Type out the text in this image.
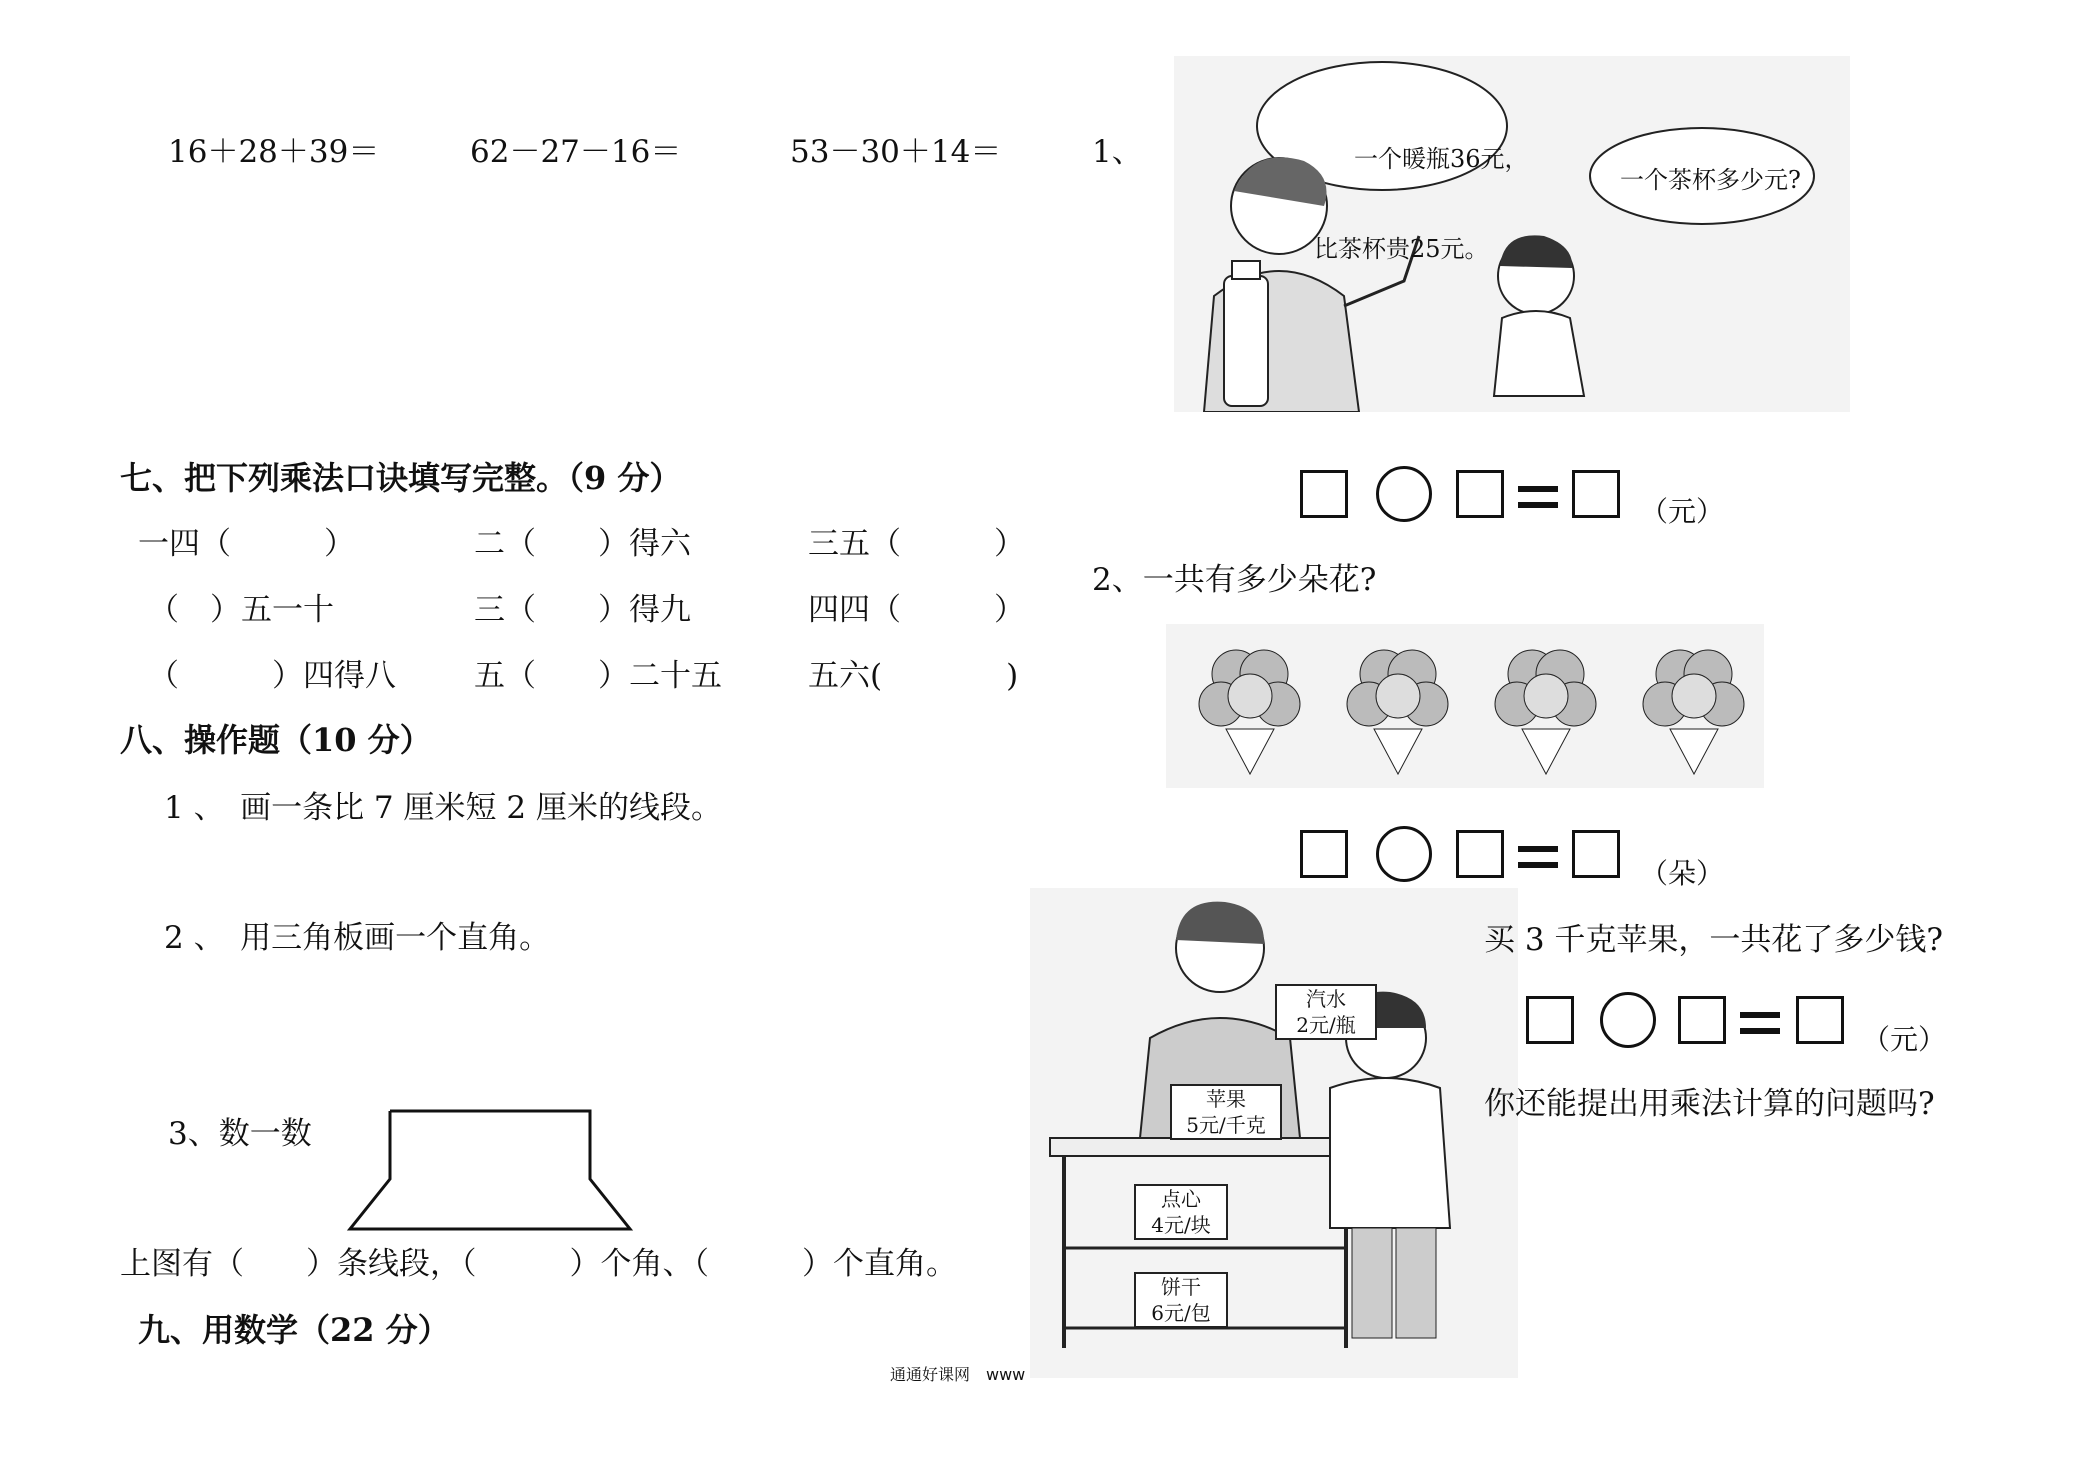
16＋28＋39＝	62－27－16＝	53－30＋14＝
七、把下列乘法口诀填写完整。（9 分）
一四（　　　）	二（　　）得六	三五（　　　）
（　）五一十	三（　　）得九	四四（　　　）
（　　　）四得八	五（　　）二十五	五六(　　　　)
八、操作题（10 分）
1 、　画一条比 7 厘米短 2 厘米的线段。
2 、　用三角板画一个直角。
3、数一数
上图有（　　）条线段，（　　　）个角、（　　　）个直角。
九、用数学（22 分）
1、

	一个暖瓶36元，

比茶杯贵25元。

一个茶杯多少元?
（元）
2、一共有多少朵花?
（朵）
汽水
2元/瓶
苹果
5元/千克
点心
4元/块
饼干
6元/包
买 3 千克苹果，一共花了多少钱?
（元）
你还能提出用乘法计算的问题吗?
通通好课网　www
